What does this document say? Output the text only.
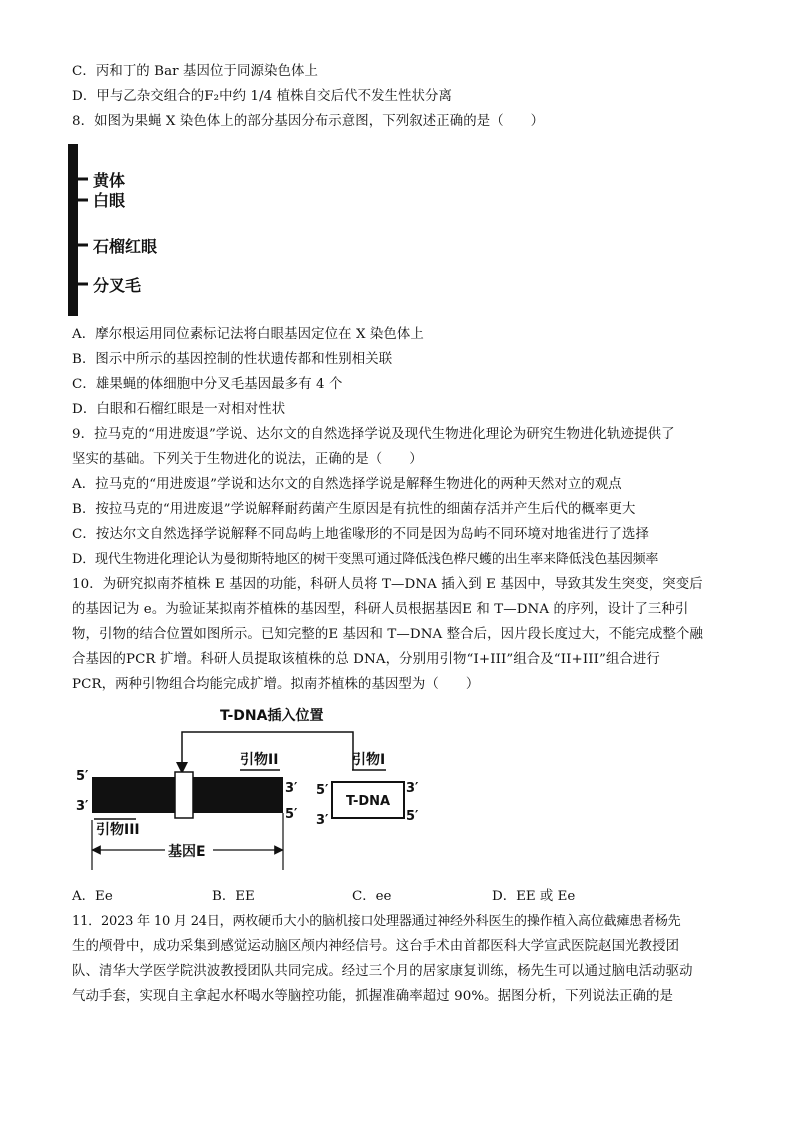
C．丙和丁的 Bar 基因位于同源染色体上
D．甲与乙杂交组合的F₂中约 1/4 植株自交后代不发生性状分离
8．如图为果蝇 X 染色体上的部分基因分布示意图，下列叙述正确的是（　　）
黄体
白眼
石榴红眼
分叉毛
A．摩尔根运用同位素标记法将白眼基因定位在 X 染色体上
B．图示中所示的基因控制的性状遗传都和性别相关联
C．雄果蝇的体细胞中分叉毛基因最多有 4 个
D．白眼和石榴红眼是一对相对性状
9．拉马克的“用进废退”学说、达尔文的自然选择学说及现代生物进化理论为研究生物进化轨迹提供了
坚实的基础。下列关于生物进化的说法，正确的是（　　）
A．拉马克的“用进废退”学说和达尔文的自然选择学说是解释生物进化的两种天然对立的观点
B．按拉马克的“用进废退”学说解释耐药菌产生原因是有抗性的细菌存活并产生后代的概率更大
C．按达尔文自然选择学说解释不同岛屿上地雀喙形的不同是因为岛屿不同环境对地雀进行了选择
D．现代生物进化理论认为曼彻斯特地区的树干变黑可通过降低浅色桦尺蠖的出生率来降低浅色基因频率
10．为研究拟南芥植株 E 基因的功能，科研人员将 T—DNA 插入到 E 基因中，导致其发生突变，突变后
的基因记为 e。为验证某拟南芥植株的基因型，科研人员根据基因E 和 T—DNA 的序列，设计了三种引
物，引物的结合位置如图所示。已知完整的E 基因和 T—DNA 整合后，因片段长度过大，不能完成整个融
合基因的PCR 扩增。科研人员提取该植株的总 DNA，分别用引物“I+III”组合及“II+III”组合进行
PCR，两种引物组合均能完成扩增。拟南芥植株的基因型为（　　）
T-DNA插入位置
5′
3′
3′
5′
引物II
引物III
基因E
引物I
T-DNA
5′
3′
3′
5′
A．Ee	B．EE	C．ee	D．EE 或 Ee
11．2023 年 10 月 24日，两枚硬币大小的脑机接口处理器通过神经外科医生的操作植入高位截瘫患者杨先
生的颅骨中，成功采集到感觉运动脑区颅内神经信号。这台手术由首都医科大学宣武医院赵国光教授团
队、清华大学医学院洪波教授团队共同完成。经过三个月的居家康复训练，杨先生可以通过脑电活动驱动
气动手套，实现自主拿起水杯喝水等脑控功能，抓握准确率超过 90%。据图分析，下列说法正确的是
